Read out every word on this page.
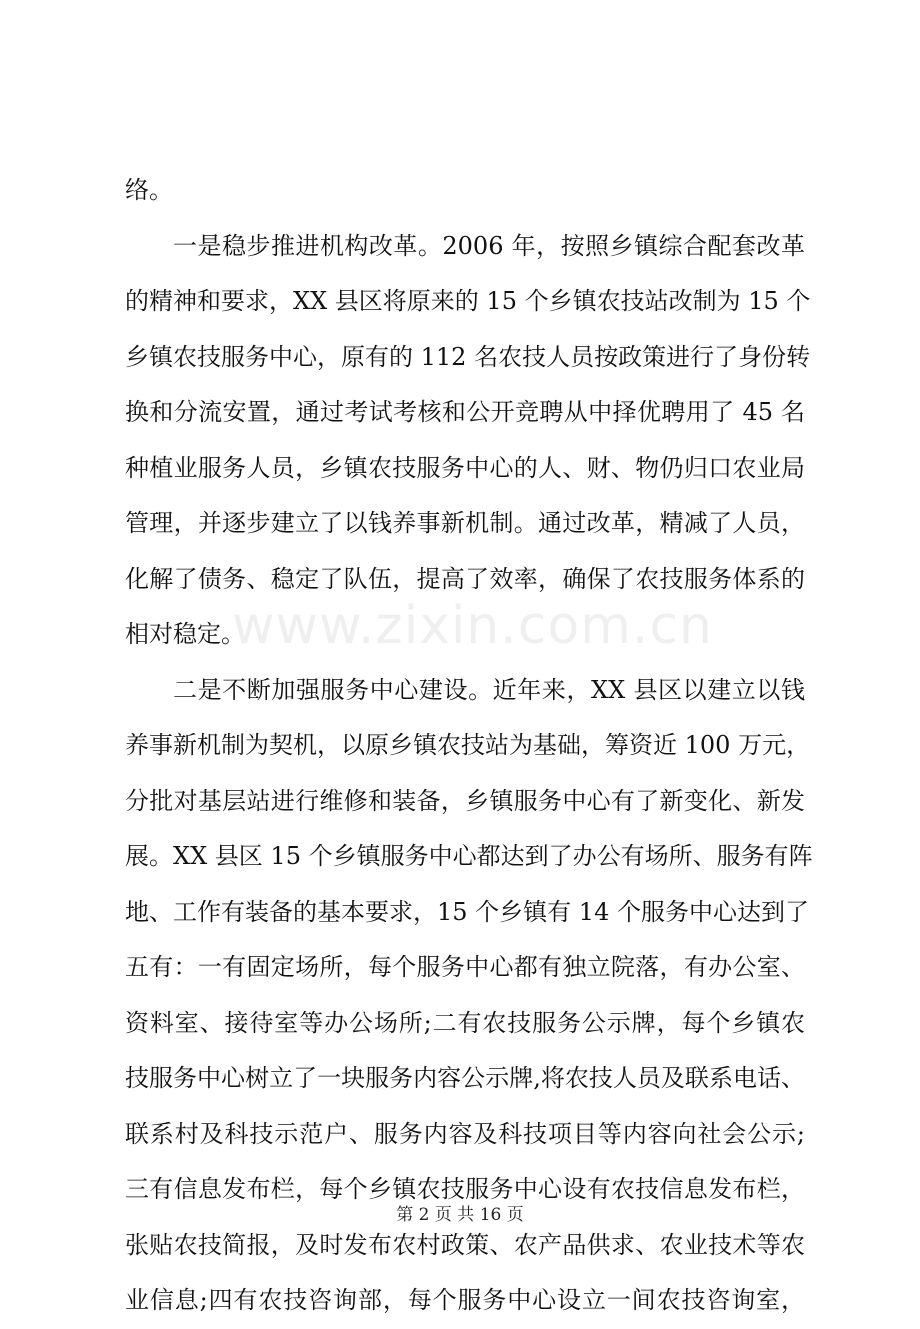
络。
一是稳步推进机构改革。2006 年，按照乡镇综合配套改革
的精神和要求，XX 县区将原来的 15 个乡镇农技站改制为 15 个
乡镇农技服务中心，原有的 112 名农技人员按政策进行了身份转
换和分流安置，通过考试考核和公开竞聘从中择优聘用了 45 名
种植业服务人员，乡镇农技服务中心的人、财、物仍归口农业局
管理，并逐步建立了以钱养事新机制。通过改革，精减了人员，
化解了债务、稳定了队伍，提高了效率，确保了农技服务体系的
相对稳定。
二是不断加强服务中心建设。近年来，XX 县区以建立以钱
养事新机制为契机，以原乡镇农技站为基础，筹资近 100 万元，
分批对基层站进行维修和装备，乡镇服务中心有了新变化、新发
展。XX 县区 15 个乡镇服务中心都达到了办公有场所、服务有阵
地、工作有装备的基本要求，15 个乡镇有 14 个服务中心达到了
五有：一有固定场所，每个服务中心都有独立院落，有办公室、
资料室、接待室等办公场所;二有农技服务公示牌，每个乡镇农
技服务中心树立了一块服务内容公示牌,将农技人员及联系电话、
联系村及科技示范户、服务内容及科技项目等内容向社会公示;
三有信息发布栏，每个乡镇农技服务中心设有农技信息发布栏，
张贴农技简报，及时发布农村政策、农产品供求、农业技术等农
业信息;四有农技咨询部，每个服务中心设立一间农技咨询室，
www.zixin.com.cn
第 2 页 共 16 页
